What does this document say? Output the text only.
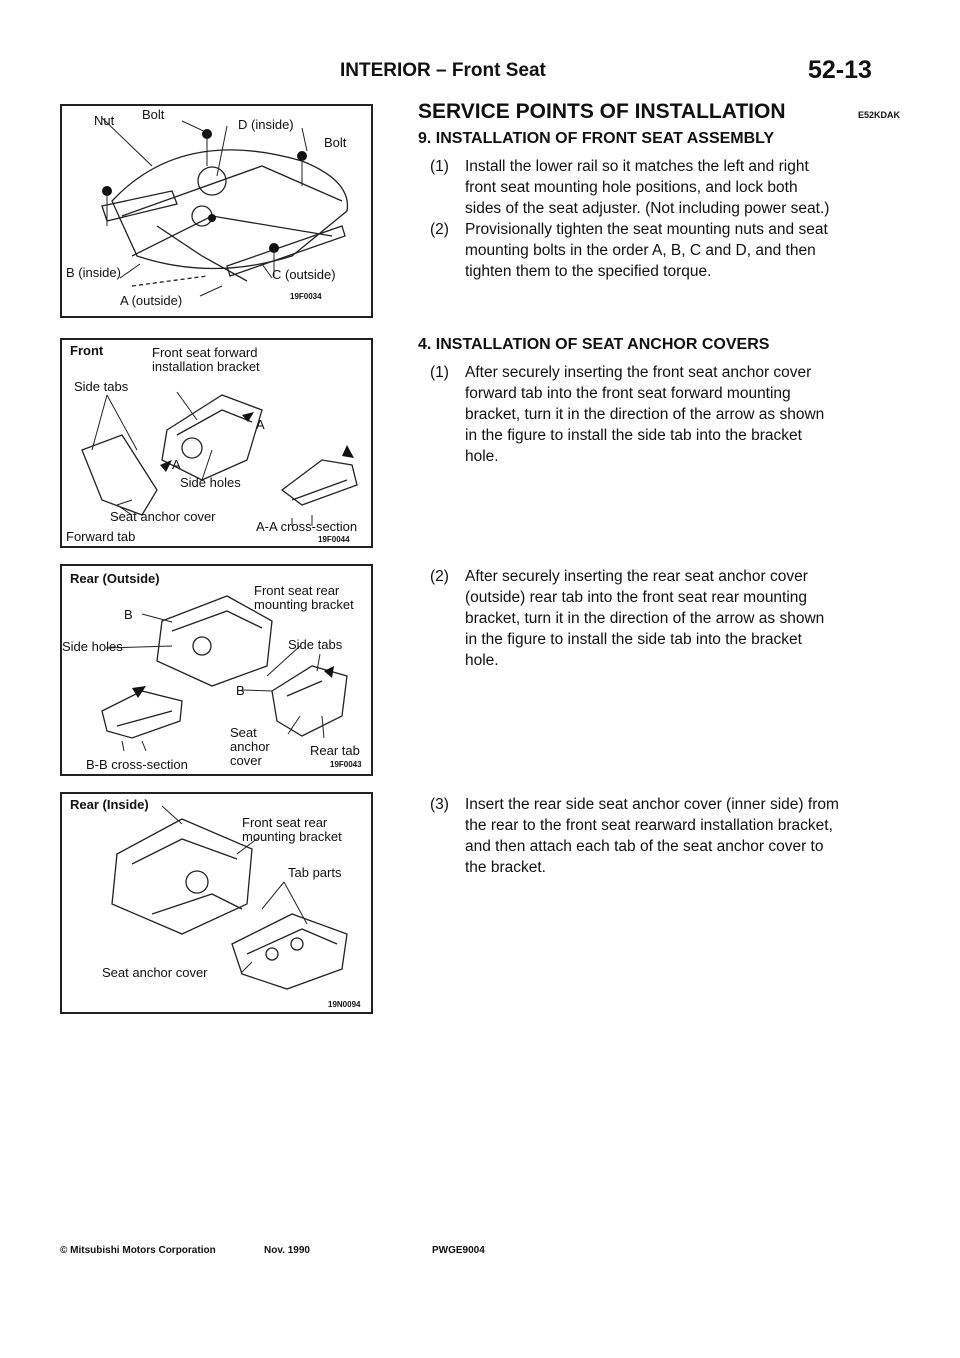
INTERIOR – Front Seat	52-13
Nut Bolt
D (inside)
Bolt
B (inside)	C (outside)
A (outside)	19F0034
Front	Front seat forward
installation bracket
Side tabs
A
A
Side holes
Seat anchor cover
Forward tab
A-A cross-section
19F0044
Rear (Outside)
Front seat rear
mounting bracket
B
Side holes	Side tabs
B
Seat
anchor
cover
Rear tab
B-B cross-section	19F0043
Rear (Inside)
Front seat rear
mounting bracket
Tab parts
Seat anchor cover
19N0094
SERVICE POINTS OF INSTALLATION	E52KDAK
9. INSTALLATION OF FRONT SEAT ASSEMBLY
(1) Install the lower rail so it matches the left and right
front seat mounting hole positions, and lock both
sides of the seat adjuster. (Not including power seat.)
(2) Provisionally tighten the seat mounting nuts and seat
mounting bolts in the order A, B, C and D, and then
tighten them to the specified torque.
4. INSTALLATION OF SEAT ANCHOR COVERS
(1) After securely inserting the front seat anchor cover
forward tab into the front seat forward mounting
bracket, turn it in the direction of the arrow as shown
in the figure to install the side tab into the bracket
hole.
(2) After securely inserting the rear seat anchor cover
(outside) rear tab into the front seat rear mounting
bracket, turn it in the direction of the arrow as shown
in the figure to install the side tab into the bracket
hole.
(3) Insert the rear side seat anchor cover (inner side) from
the rear to the front seat rearward installation bracket,
and then attach each tab of the seat anchor cover to
the bracket.
© Mitsubishi Motors Corporation	Nov. 1990	PWGE9004
